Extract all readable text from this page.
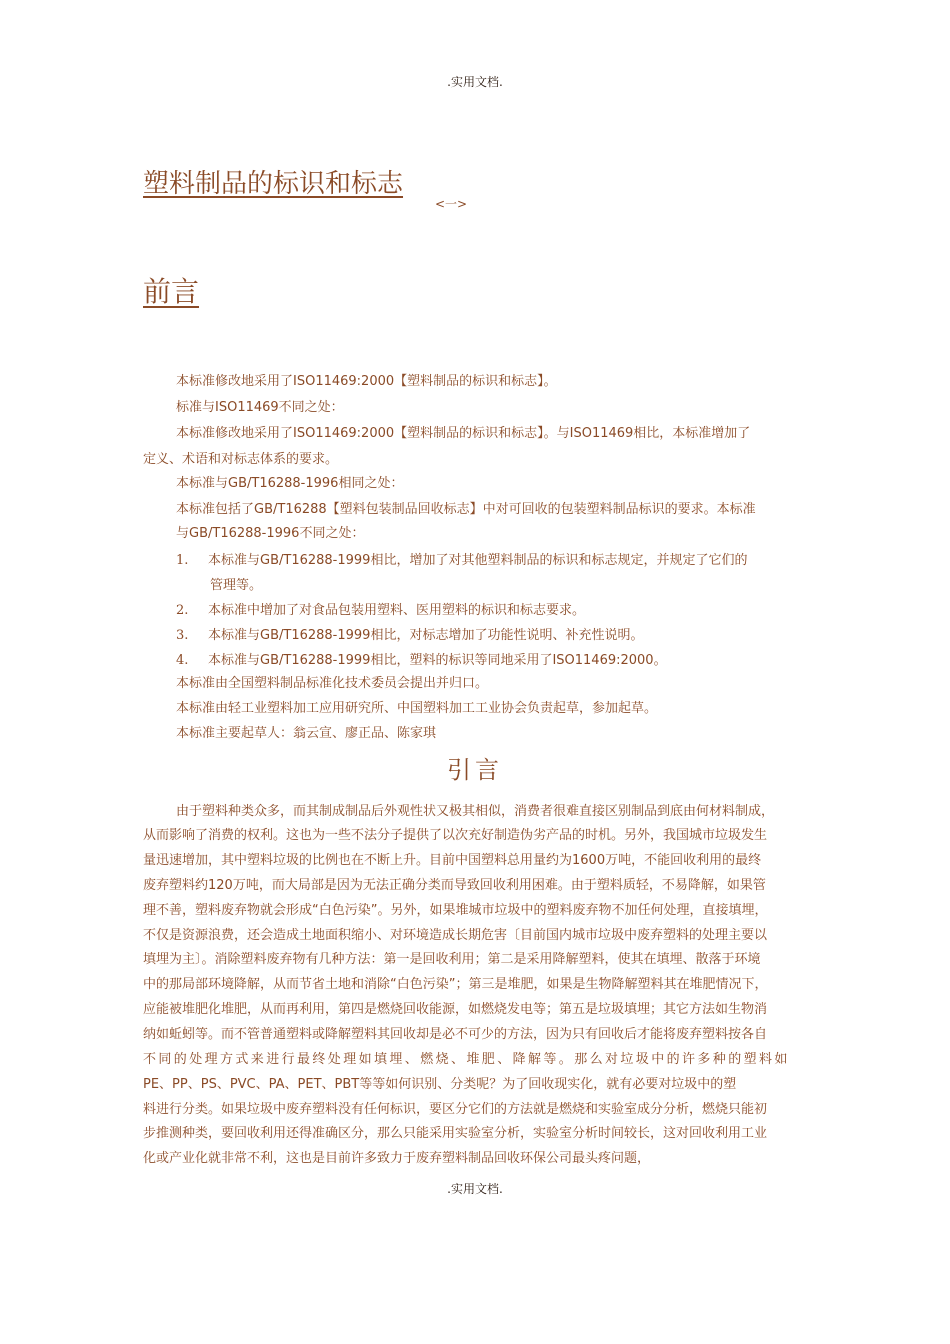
.实用文档.
塑料制品的标识和标志
<一>
前言
本标准修改地采用了ISO11469:2000【塑料制品的标识和标志】。
标准与ISO11469不同之处：
本标准修改地采用了ISO11469:2000【塑料制品的标识和标志】。与ISO11469相比，本标准增加了
定义、术语和对标志体系的要求。
本标准与GB/T16288-1996相同之处：
本标准包括了GB/T16288【塑料包装制品回收标志】中对可回收的包装塑料制品标识的要求。本标准
与GB/T16288-1996不同之处：
1. 本标准与GB/T16288-1999相比，增加了对其他塑料制品的标识和标志规定，并规定了它们的
管理等。
2. 本标准中增加了对食品包装用塑料、医用塑料的标识和标志要求。
3. 本标准与GB/T16288-1999相比，对标志增加了功能性说明、补充性说明。
4. 本标准与GB/T16288-1999相比，塑料的标识等同地采用了ISO11469:2000。
本标准由全国塑料制品标准化技术委员会提出并归口。
本标准由轻工业塑料加工应用研究所、中国塑料加工工业协会负责起草，参加起草。
本标准主要起草人：翁云宣、廖正品、陈家琪
引言
由于塑料种类众多，而其制成制品后外观性状又极其相似，消费者很难直接区别制品到底由何材料制成，
从而影响了消费的权利。这也为一些不法分子提供了以次充好制造伪劣产品的时机。另外，我国城市垃圾发生
量迅速增加，其中塑料垃圾的比例也在不断上升。目前中国塑料总用量约为1600万吨，不能回收利用的最终
废弃塑料约120万吨，而大局部是因为无法正确分类而导致回收利用困难。由于塑料质轻，不易降解，如果管
理不善，塑料废弃物就会形成“白色污染”。另外，如果堆城市垃圾中的塑料废弃物不加任何处理，直接填埋，
不仅是资源浪费，还会造成土地面积缩小、对环境造成长期危害〔目前国内城市垃圾中废弃塑料的处理主要以
填埋为主〕。消除塑料废弃物有几种方法：第一是回收利用；第二是采用降解塑料，使其在填埋、散落于环境
中的那局部环境降解，从而节省土地和消除“白色污染”；第三是堆肥，如果是生物降解塑料其在堆肥情况下，
应能被堆肥化堆肥，从而再利用，第四是燃烧回收能源，如燃烧发电等；第五是垃圾填埋；其它方法如生物消
纳如蚯蚓等。而不管普通塑料或降解塑料其回收却是必不可少的方法，因为只有回收后才能将废弃塑料按各自
不同的处理方式来进行最终处理如填埋、燃烧、堆肥、降解等。那么对垃圾中的许多种的塑料如
PE、PP、PS、PVC、PA、PET、PBT等等如何识别、分类呢？为了回收现实化，就有必要对垃圾中的塑
料进行分类。如果垃圾中废弃塑料没有任何标识，要区分它们的方法就是燃烧和实验室成分分析，燃烧只能初
步推测种类，要回收利用还得准确区分，那么只能采用实验室分析，实验室分析时间较长，这对回收利用工业
化或产业化就非常不利，这也是目前许多致力于废弃塑料制品回收环保公司最头疼问题，
.实用文档.
